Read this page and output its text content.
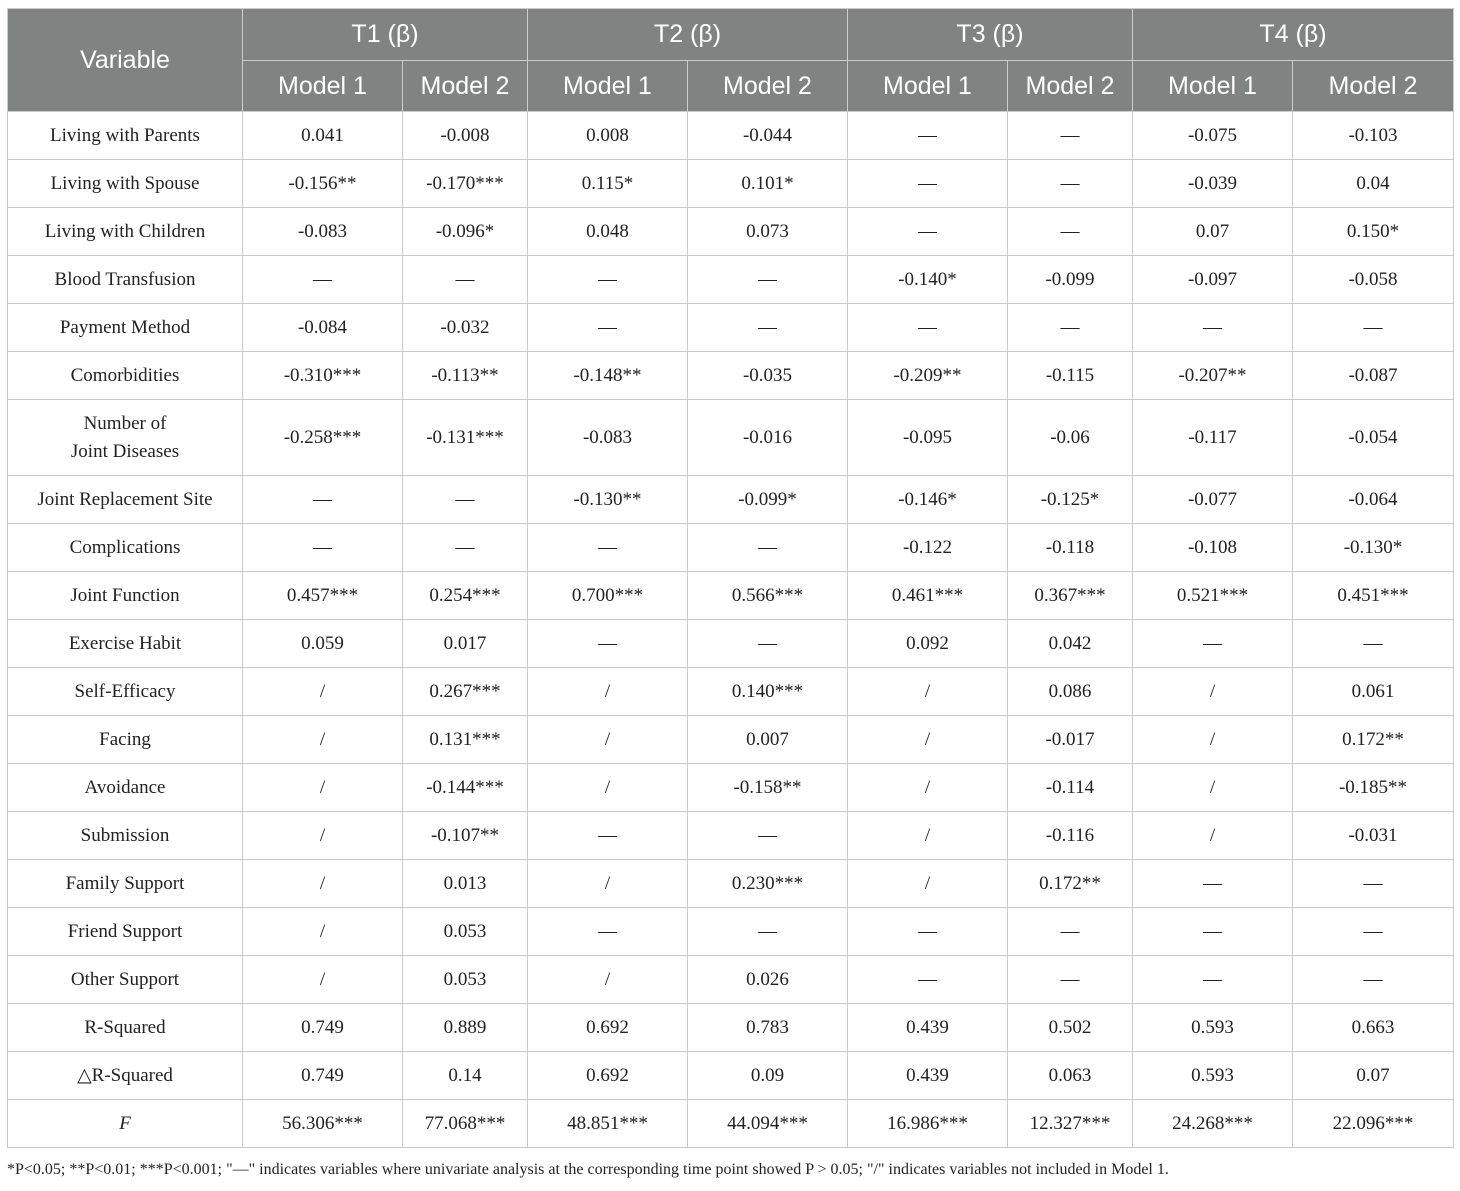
Variable	T1 (β)		T2 (β)		T3 (β)		T4 (β)	
	Model 1	Model 2	Model 1	Model 2	Model 1	Model 2	Model 1	Model 2
Living with Parents	0.041	-0.008	0.008	-0.044	—	—	-0.075	-0.103
Living with Spouse	-0.156**	-0.170***	0.115*	0.101*	—	—	-0.039	0.04
Living with Children	-0.083	-0.096*	0.048	0.073	—	—	0.07	0.150*
Blood Transfusion	—	—	—	—	-0.140*	-0.099	-0.097	-0.058
Payment Method	-0.084	-0.032	—	—	—	—	—	—
Comorbidities	-0.310***	-0.113**	-0.148**	-0.035	-0.209**	-0.115	-0.207**	-0.087

Number of
Joint Diseases	-0.258***	-0.131***	-0.083	-0.016	-0.095	-0.06	-0.117	-0.054
Joint Replacement Site	—	—	-0.130**	-0.099*	-0.146*	-0.125*	-0.077	-0.064
Complications	—	—	—	—	-0.122	-0.118	-0.108	-0.130*
Joint Function	0.457***	0.254***	0.700***	0.566***	0.461***	0.367***	0.521***	0.451***
Exercise Habit	0.059	0.017	—	—	0.092	0.042	—	—
Self-Efficacy	/	0.267***	/	0.140***	/	0.086	/	0.061
Facing	/	0.131***	/	0.007	/	-0.017	/	0.172**
Avoidance	/	-0.144***	/	-0.158**	/	-0.114	/	-0.185**
Submission	/	-0.107**	—	—	/	-0.116	/	-0.031
Family Support	/	0.013	/	0.230***	/	0.172**	—	—
Friend Support	/	0.053	—	—	—	—	—	—
Other Support	/	0.053	/	0.026	—	—	—	—
R-Squared	0.749	0.889	0.692	0.783	0.439	0.502	0.593	0.663
△R-Squared	0.749	0.14	0.692	0.09	0.439	0.063	0.593	0.07
F	56.306***	77.068***	48.851***	44.094***	16.986***	12.327***	24.268***	22.096***
*P<0.05; **P<0.01; ***P<0.001; "—" indicates variables where univariate analysis at the corresponding time point showed P > 0.05; "/" indicates variables not included in Model 1.
